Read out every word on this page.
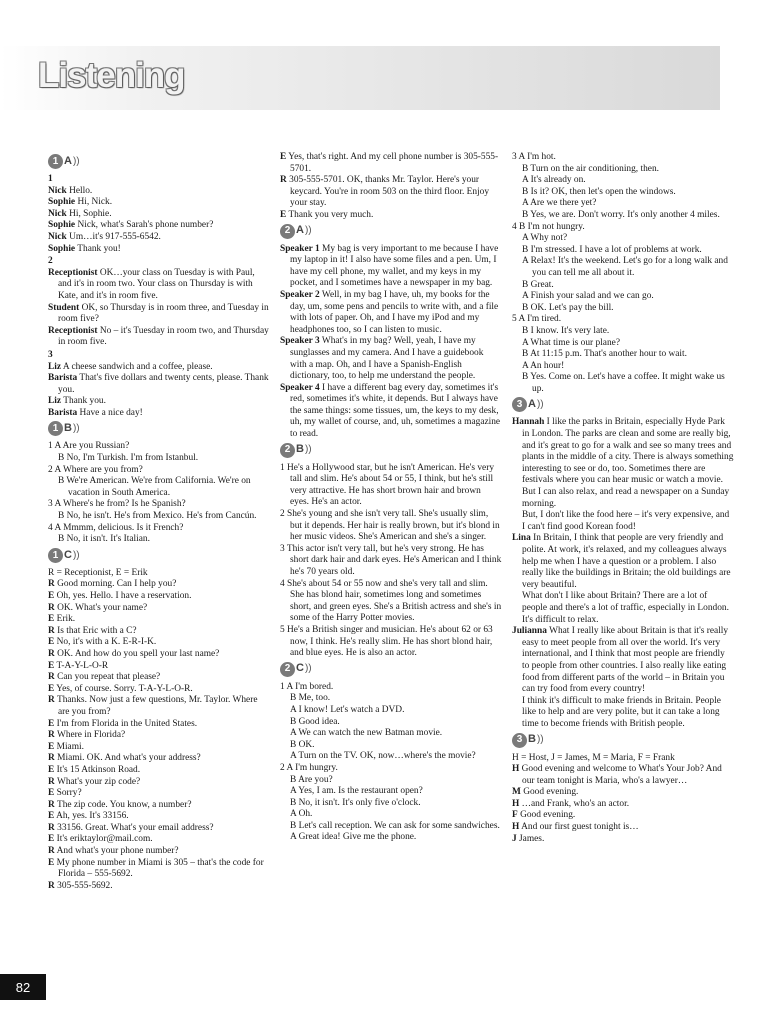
Listening
1 A ))
1
Nick Hello.
Sophie Hi, Nick.
Nick Hi, Sophie.
Sophie Nick, what's Sarah's phone number?
Nick Um…it's 917-555-6542.
Sophie Thank you!
2
Receptionist OK…your class on Tuesday is with Paul, and it's in room two. Your class on Thursday is with Kate, and it's in room five.
Student OK, so Thursday is in room three, and Tuesday in room five?
Receptionist No – it's Tuesday in room two, and Thursday in room five.
3
Liz A cheese sandwich and a coffee, please.
Barista That's five dollars and twenty cents, please. Thank you.
Liz Thank you.
Barista Have a nice day!
1 B ))
1 A Are you Russian?
B No, I'm Turkish. I'm from Istanbul.
2 A Where are you from?
B We're American. We're from California. We're on vacation in South America.
3 A Where's he from? Is he Spanish?
B No, he isn't. He's from Mexico. He's from Cancún.
4 A Mmmm, delicious. Is it French?
B No, it isn't. It's Italian.
1 C ))
R = Receptionist, E = Erik
R Good morning. Can I help you?
E Oh, yes. Hello. I have a reservation.
R OK. What's your name?
E Erik.
R Is that Eric with a C?
E No, it's with a K. E-R-I-K.
R OK. And how do you spell your last name?
E T-A-Y-L-O-R
R Can you repeat that please?
E Yes, of course. Sorry. T-A-Y-L-O-R.
R Thanks. Now just a few questions, Mr. Taylor. Where are you from?
E I'm from Florida in the United States.
R Where in Florida?
E Miami.
R Miami. OK. And what's your address?
E It's 15 Atkinson Road.
R What's your zip code?
E Sorry?
R The zip code. You know, a number?
E Ah, yes. It's 33156.
R 33156. Great. What's your email address?
E It's eriktaylor@mail.com.
R And what's your phone number?
E My phone number in Miami is 305 – that's the code for Florida – 555-5692.
R 305-555-5692.
E Yes, that's right. And my cell phone number is 305-555-5701.
R 305-555-5701. OK, thanks Mr. Taylor. Here's your keycard. You're in room 503 on the third floor. Enjoy your stay.
E Thank you very much.
2 A ))
Speaker 1 My bag is very important to me because I have my laptop in it! I also have some files and a pen. Um, I have my cell phone, my wallet, and my keys in my pocket, and I sometimes have a newspaper in my bag.
Speaker 2 Well, in my bag I have, uh, my books for the day, um, some pens and pencils to write with, and a file with lots of paper. Oh, and I have my iPod and my headphones too, so I can listen to music.
Speaker 3 What's in my bag? Well, yeah, I have my sunglasses and my camera. And I have a guidebook with a map. Oh, and I have a Spanish-English dictionary, too, to help me understand the people.
Speaker 4 I have a different bag every day, sometimes it's red, sometimes it's white, it depends. But I always have the same things: some tissues, um, the keys to my desk, uh, my wallet of course, and, uh, sometimes a magazine to read.
2 B ))
1 He's a Hollywood star, but he isn't American. He's very tall and slim. He's about 54 or 55, I think, but he's still very attractive. He has short brown hair and brown eyes. He's an actor.
2 She's young and she isn't very tall. She's usually slim, but it depends. Her hair is really brown, but it's blond in her music videos. She's American and she's a singer.
3 This actor isn't very tall, but he's very strong. He has short dark hair and dark eyes. He's American and I think he's 70 years old.
4 She's about 54 or 55 now and she's very tall and slim. She has blond hair, sometimes long and sometimes short, and green eyes. She's a British actress and she's in some of the Harry Potter movies.
5 He's a British singer and musician. He's about 62 or 63 now, I think. He's really slim. He has short blond hair, and blue eyes. He is also an actor.
2 C ))
1 A I'm bored.
B Me, too.
A I know! Let's watch a DVD.
B Good idea.
A We can watch the new Batman movie.
B OK.
A Turn on the TV. OK, now…where's the movie?
2 A I'm hungry.
B Are you?
A Yes, I am. Is the restaurant open?
B No, it isn't. It's only five o'clock.
A Oh.
B Let's call reception. We can ask for some sandwiches.
A Great idea! Give me the phone.
3 A I'm hot.
B Turn on the air conditioning, then.
A It's already on.
B Is it? OK, then let's open the windows.
A Are we there yet?
B Yes, we are. Don't worry. It's only another 4 miles.
4 B I'm not hungry.
A Why not?
B I'm stressed. I have a lot of problems at work.
A Relax! It's the weekend. Let's go for a long walk and you can tell me all about it.
B Great.
A Finish your salad and we can go.
B OK. Let's pay the bill.
5 A I'm tired.
B I know. It's very late.
A What time is our plane?
B At 11:15 p.m. That's another hour to wait.
A An hour!
B Yes. Come on. Let's have a coffee. It might wake us up.
3 A ))
Hannah I like the parks in Britain, especially Hyde Park in London. The parks are clean and some are really big, and it's great to go for a walk and see so many trees and plants in the middle of a city. There is always something interesting to see or do, too. Sometimes there are festivals where you can hear music or watch a movie. But I can also relax, and read a newspaper on a Sunday morning.
But, I don't like the food here – it's very expensive, and I can't find good Korean food!
Lina In Britain, I think that people are very friendly and polite. At work, it's relaxed, and my colleagues always help me when I have a question or a problem. I also really like the buildings in Britain; the old buildings are very beautiful.
What don't I like about Britain? There are a lot of people and there's a lot of traffic, especially in London. It's difficult to relax.
Julianna What I really like about Britain is that it's really easy to meet people from all over the world. It's very international, and I think that most people are friendly to people from other countries. I also really like eating food from different parts of the world – in Britain you can try food from every country!
I think it's difficult to make friends in Britain. People like to help and are very polite, but it can take a long time to become friends with British people.
3 B ))
H = Host, J = James, M = Maria, F = Frank
H Good evening and welcome to What's Your Job? And our team tonight is Maria, who's a lawyer…
M Good evening.
H …and Frank, who's an actor.
F Good evening.
H And our first guest tonight is…
J James.
82
